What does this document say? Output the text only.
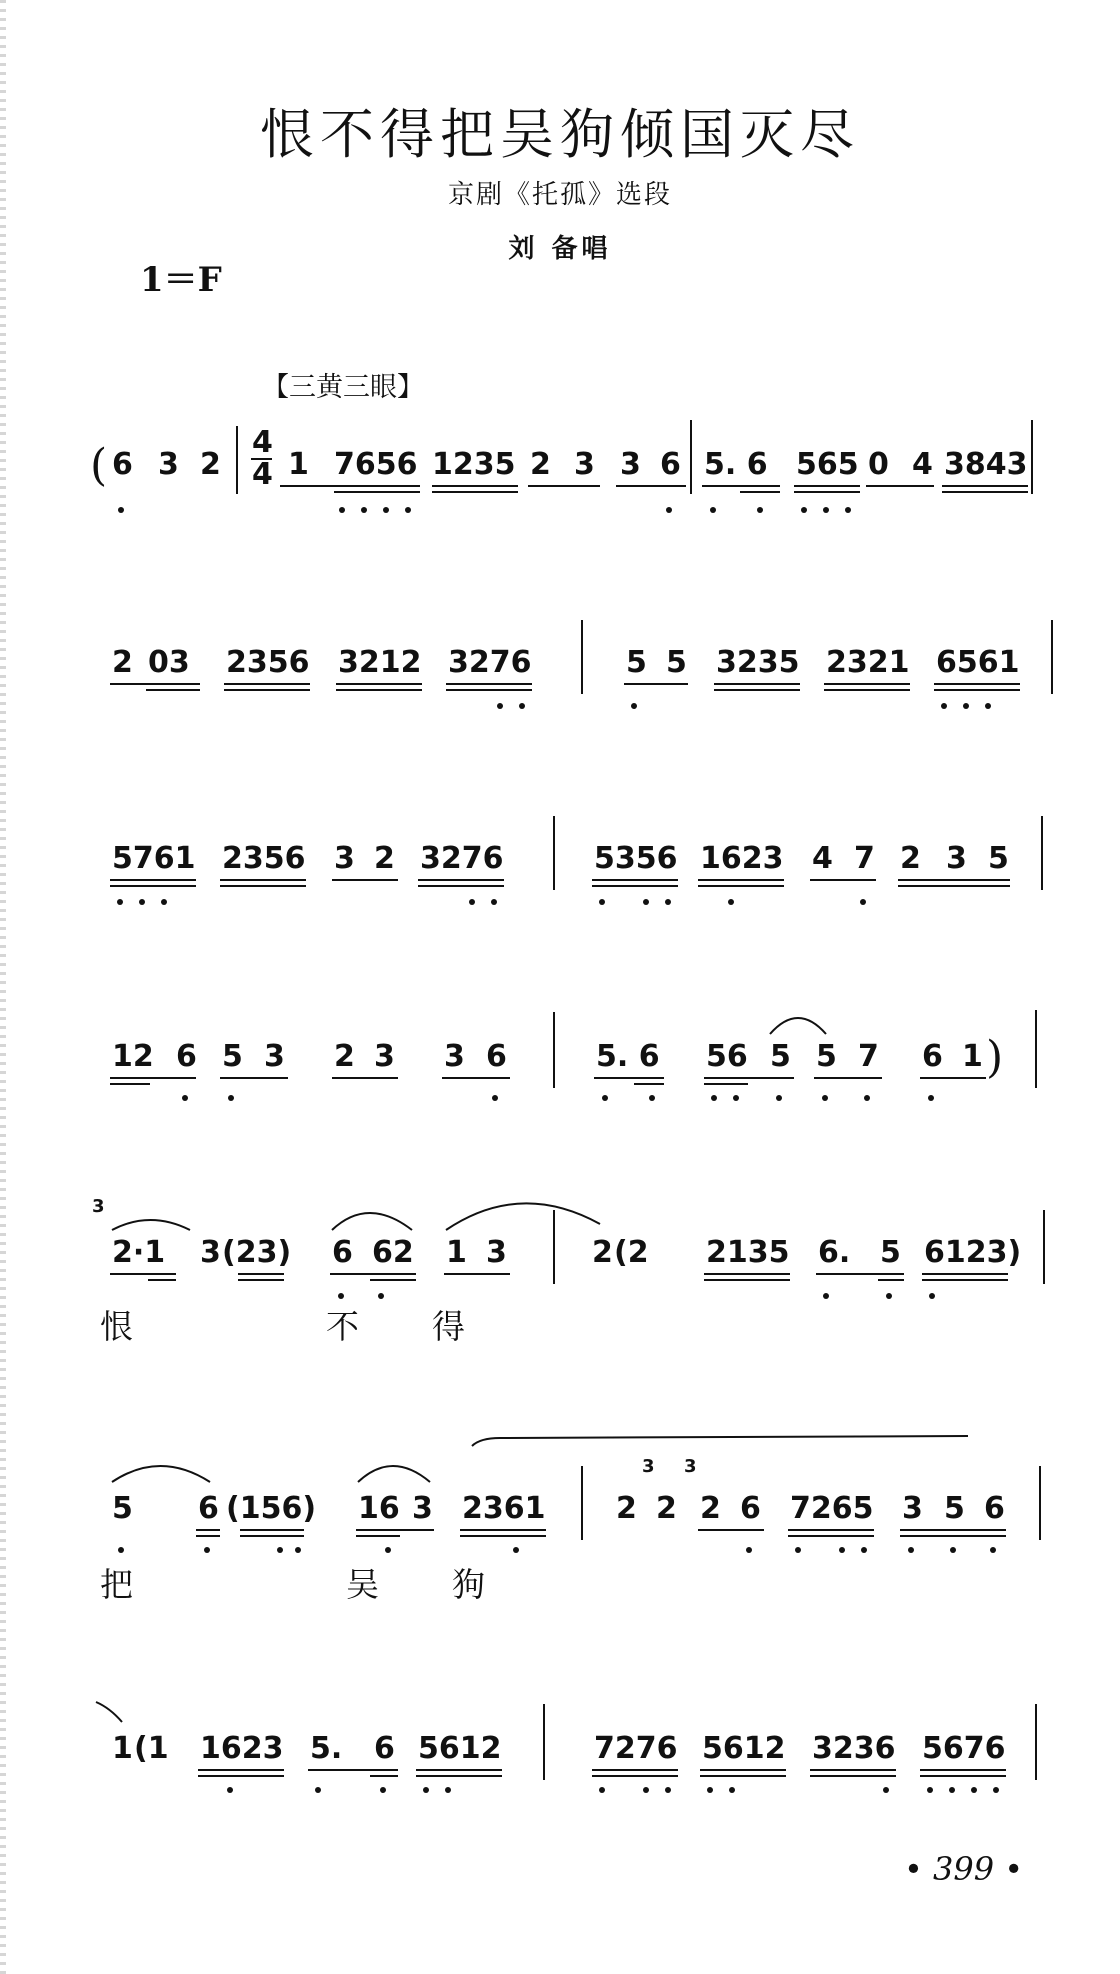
恨不得把吴狗倾国灭尽
京剧《托孤》选段
刘 备唱
1＝F
【三黄三眼】
( 6 3 2
4
4 1 7656 1235 2 3 3 6 5. 6 565 0 4 3843
2 03 2356 3212 3276	5 5 3235 2321 6561
5761 2356 3 2 3276	5356 1623 4 7 2 3 5
12 6 5 3 2 3 3 6	5. 6 56 5 5 7 6 1 )
3
2·1 3 (23) 6 62 1 3	2 (2 2135 6. 5 6123)
恨	不 得
5 6 (156) 16 3 2361 2
3
2
3
2 6 7265 3 5 6
把	吴 狗
1 (1 1623 5. 6 5612	7276 5612 3236 5676
• 399 •
